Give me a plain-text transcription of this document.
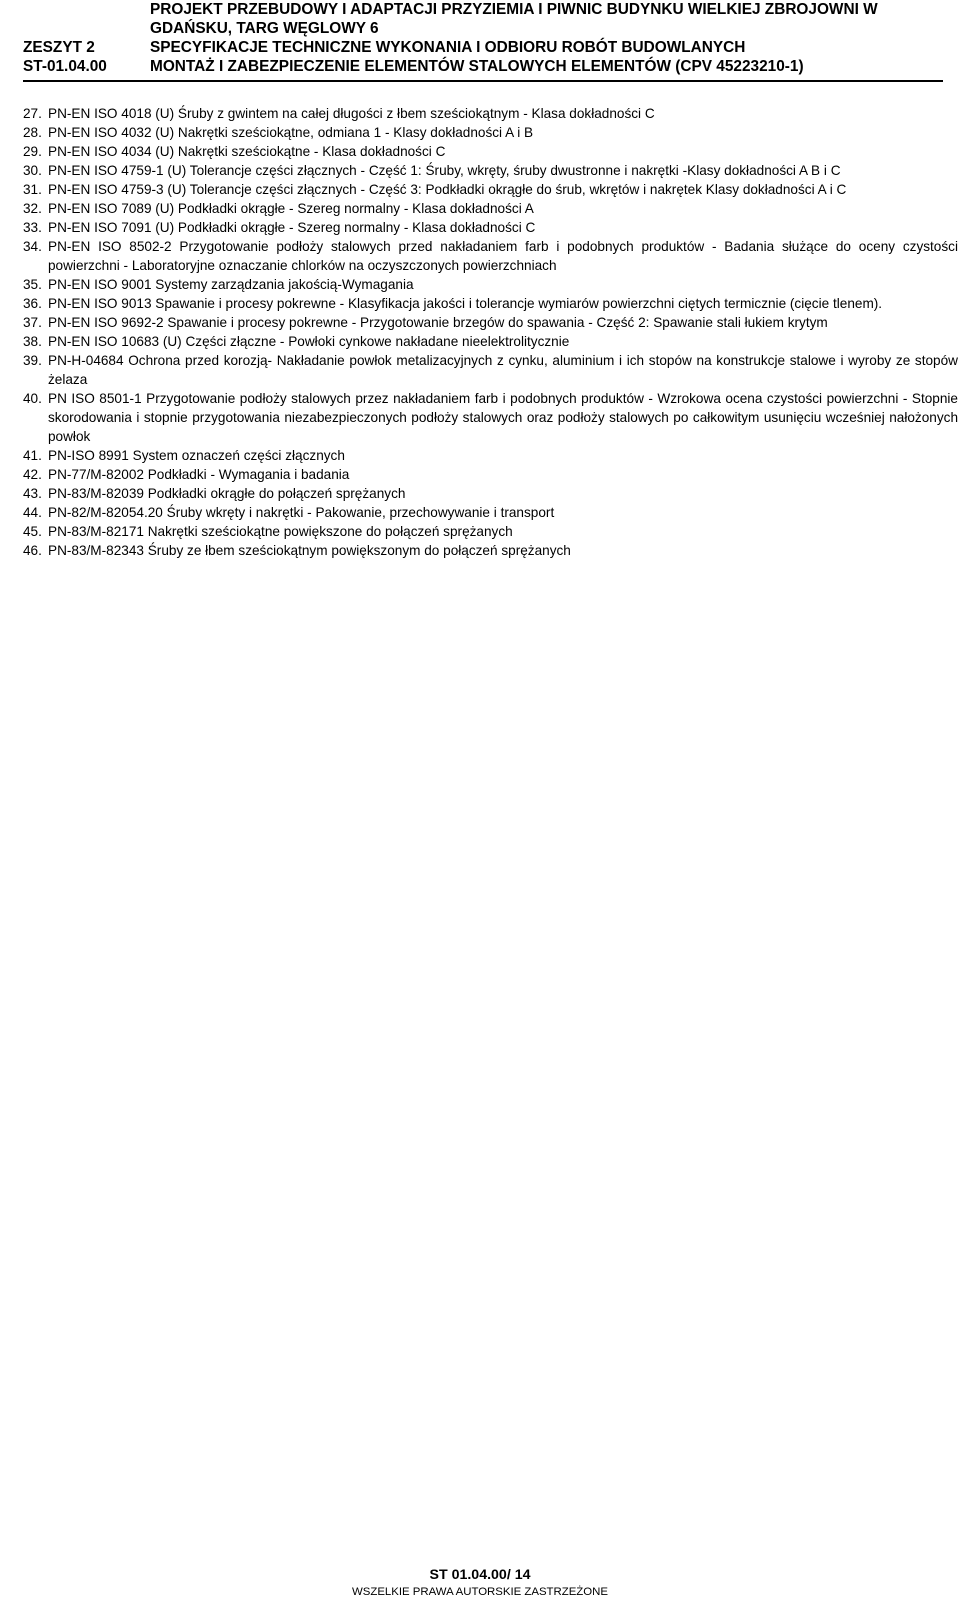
PROJEKT PRZEBUDOWY I ADAPTACJI PRZYZIEMIA I PIWNIC BUDYNKU WIELKIEJ ZBROJOWNI W
GDAŃSKU, TARG WĘGLOWY 6
ZESZYT 2	SPECYFIKACJE TECHNICZNE WYKONANIA I ODBIORU ROBÓT BUDOWLANYCH
ST-01.04.00	MONTAŻ I ZABEZPIECZENIE ELEMENTÓW STALOWYCH ELEMENTÓW (CPV 45223210-1)
27. PN-EN ISO 4018 (U) Śruby z gwintem na całej długości z łbem sześciokątnym - Klasa dokładności C
28. PN-EN ISO 4032 (U) Nakrętki sześciokątne, odmiana 1 - Klasy dokładności A i B
29. PN-EN ISO 4034 (U) Nakrętki sześciokątne - Klasa dokładności C
30. PN-EN ISO 4759-1 (U) Tolerancje części złącznych - Część 1: Śruby, wkręty, śruby dwustronne i nakrętki -Klasy dokładności A B i C
31. PN-EN ISO 4759-3 (U) Tolerancje części złącznych - Część 3: Podkładki okrągłe do śrub, wkrętów i nakrętek Klasy dokładności A i C
32. PN-EN ISO 7089 (U) Podkładki okrągłe - Szereg normalny - Klasa dokładności A
33. PN-EN ISO 7091 (U) Podkładki okrągłe - Szereg normalny - Klasa dokładności C
34. PN-EN ISO 8502-2 Przygotowanie podłoży stalowych przed nakładaniem farb i podobnych produktów - Badania służące do oceny czystości powierzchni - Laboratoryjne oznaczanie chlorków na oczyszczonych powierzchniach
35. PN-EN ISO 9001 Systemy zarządzania jakością-Wymagania
36. PN-EN ISO 9013 Spawanie i procesy pokrewne - Klasyfikacja jakości i tolerancje wymiarów powierzchni ciętych termicznie (cięcie tlenem).
37. PN-EN ISO 9692-2 Spawanie i procesy pokrewne - Przygotowanie brzegów do spawania - Część 2: Spawanie stali łukiem krytym
38. PN-EN ISO 10683 (U) Części złączne - Powłoki cynkowe nakładane nieelektrolitycznie
39. PN-H-04684 Ochrona przed korozją- Nakładanie powłok metalizacyjnych z cynku, aluminium i ich stopów na konstrukcje stalowe i wyroby ze stopów żelaza
40. PN ISO 8501-1 Przygotowanie podłoży stalowych przez nakładaniem farb i podobnych produktów - Wzrokowa ocena czystości powierzchni - Stopnie skorodowania i stopnie przygotowania niezabezpieczonych podłoży stalowych oraz podłoży stalowych po całkowitym usunięciu wcześniej nałożonych powłok
41. PN-ISO 8991 System oznaczeń części złącznych
42. PN-77/M-82002 Podkładki - Wymagania i badania
43. PN-83/M-82039 Podkładki okrągłe do połączeń sprężanych
44. PN-82/M-82054.20 Śruby wkręty i nakrętki - Pakowanie, przechowywanie i transport
45. PN-83/M-82171 Nakrętki sześciokątne powiększone do połączeń sprężanych
46. PN-83/M-82343 Śruby ze łbem sześciokątnym powiększonym do połączeń sprężanych
ST 01.04.00/ 14
WSZELKIE PRAWA AUTORSKIE ZASTRZEŻONE
